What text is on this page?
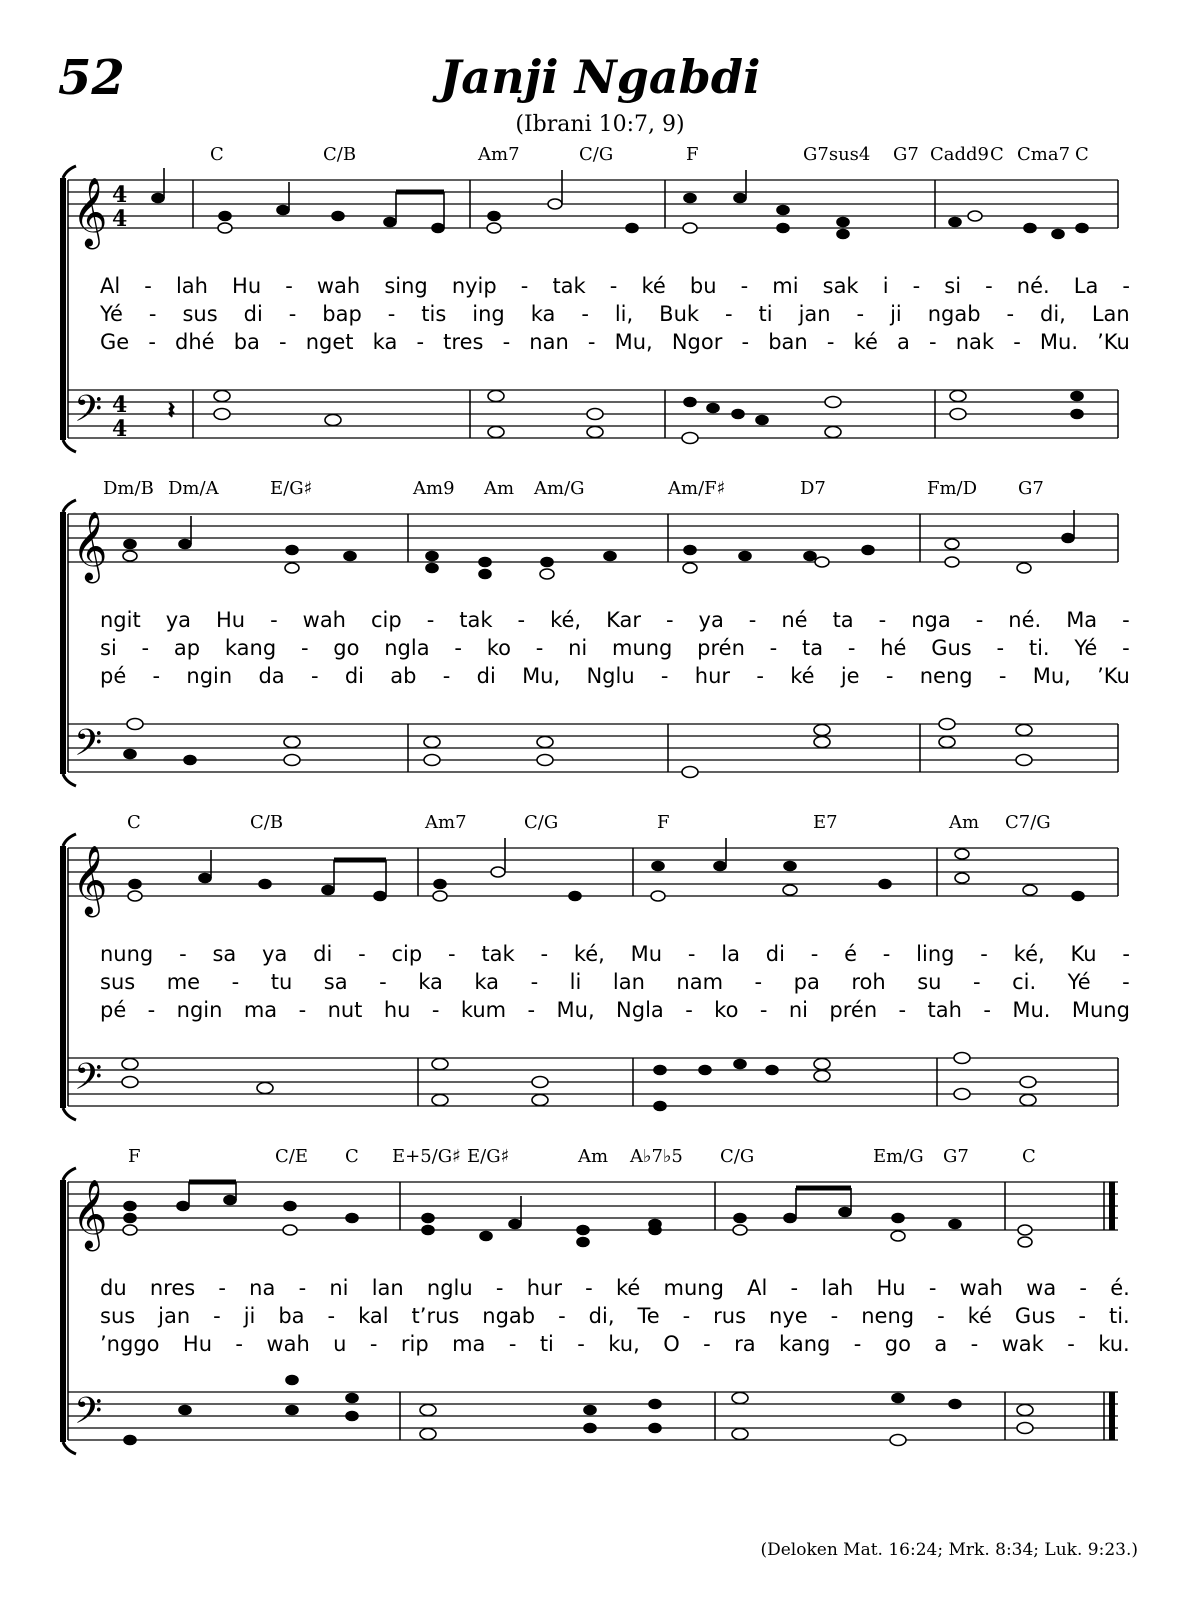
52	Janji Ngabdi
(Ibrani 10:7, 9)
C	C/B	Am7	C/G	F	G7sus4 G7 Cadd9 C Cma7 C
𝄞
𝄢
4
4
4
4
𝄽
Al - lah Hu - wah sing nyip - tak - ké bu - mi sak i - si - né. La -
Yé - sus di - bap - tis ing ka - li, Buk - ti jan - ji ngab - di, Lan
Ge - dhé ba - nget ka - tres - nan - Mu, Ngor - ban - ké a - nak - Mu. ’Ku
Dm/B Dm/A	E/G♯	Am9 Am Am/G	Am/F♯	D7	Fm/D G7
𝄞
𝄢
ngit ya Hu - wah cip - tak - ké, Kar - ya - né ta - nga - né. Ma -
si - ap kang - go ngla - ko - ni mung prén - ta - hé Gus - ti. Yé -
pé - ngin da - di ab - di Mu, Nglu - hur - ké je - neng - Mu, ’Ku
C	C/B	Am7	C/G	F	E7	Am C7/G
𝄞
𝄢
nung - sa ya di - cip - tak - ké, Mu - la di - é - ling - ké, Ku -
sus me - tu sa - ka ka - li lan nam - pa roh su - ci. Yé -
pé - ngin ma - nut hu - kum - Mu, Ngla - ko - ni prén - tah - Mu. Mung
F	C/E C E+5/G♯ E/G♯	Am A♭7♭5 C/G	Em/G G7	C
𝄞
𝄢
du nres - na - ni lan nglu - hur - ké mung Al - lah Hu - wah wa - é.
sus jan - ji ba - kal t’rus ngab - di, Te - rus nye - neng - ké Gus - ti.
’nggo Hu - wah u - rip ma - ti - ku, O - ra kang - go a - wak - ku.
(Deloken Mat. 16:24; Mrk. 8:34; Luk. 9:23.)
